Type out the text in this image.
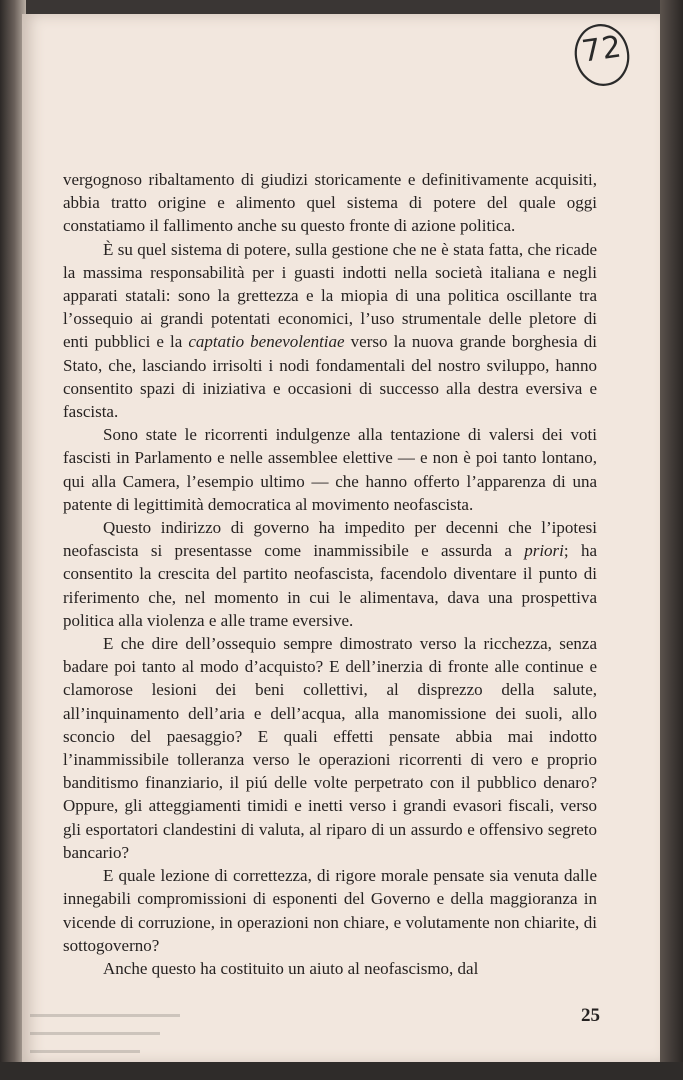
72

vergognoso ribaltamento di giudizi storicamente e definitivamente acquisiti, abbia tratto origine e alimento quel sistema di potere del quale oggi constatiamo il fallimento anche su questo fronte di azione politica.

È su quel sistema di potere, sulla gestione che ne è stata fatta, che ricade la massima responsabilità per i guasti indotti nella società italiana e negli apparati statali: sono la grettezza e la miopia di una politica oscillante tra l’ossequio ai grandi potentati economici, l’uso strumentale delle pletore di enti pubblici e la captatio benevolentiae verso la nuova grande borghesia di Stato, che, lasciando irrisolti i nodi fondamentali del nostro sviluppo, hanno consentito spazi di iniziativa e occasioni di successo alla destra eversiva e fascista.

Sono state le ricorrenti indulgenze alla tentazione di valersi dei voti fascisti in Parlamento e nelle assemblee elettive — e non è poi tanto lontano, qui alla Camera, l’esempio ultimo — che hanno offerto l’apparenza di una patente di legittimità democratica al movimento neofascista.

Questo indirizzo di governo ha impedito per decenni che l’ipotesi neofascista si presentasse come inammissibile e assurda a priori; ha consentito la crescita del partito neofascista, facendolo diventare il punto di riferimento che, nel momento in cui le alimentava, dava una prospettiva politica alla violenza e alle trame eversive.

E che dire dell’ossequio sempre dimostrato verso la ricchezza, senza badare poi tanto al modo d’acquisto? E dell’inerzia di fronte alle continue e clamorose lesioni dei beni collettivi, al disprezzo della salute, all’inquinamento dell’aria e dell’acqua, alla manomissione dei suoli, allo sconcio del paesaggio? E quali effetti pensate abbia mai indotto l’inammissibile tolleranza verso le operazioni ricorrenti di vero e proprio banditismo finanziario, il piú delle volte perpetrato con il pubblico denaro? Oppure, gli atteggiamenti timidi e inetti verso i grandi evasori fiscali, verso gli esportatori clandestini di valuta, al riparo di un assurdo e offensivo segreto bancario?

E quale lezione di correttezza, di rigore morale pensate sia venuta dalle innegabili compromissioni di esponenti del Governo e della maggioranza in vicende di corruzione, in operazioni non chiare, e volutamente non chiarite, di sottogoverno?

Anche questo ha costituito un aiuto al neofascismo, dal

25
